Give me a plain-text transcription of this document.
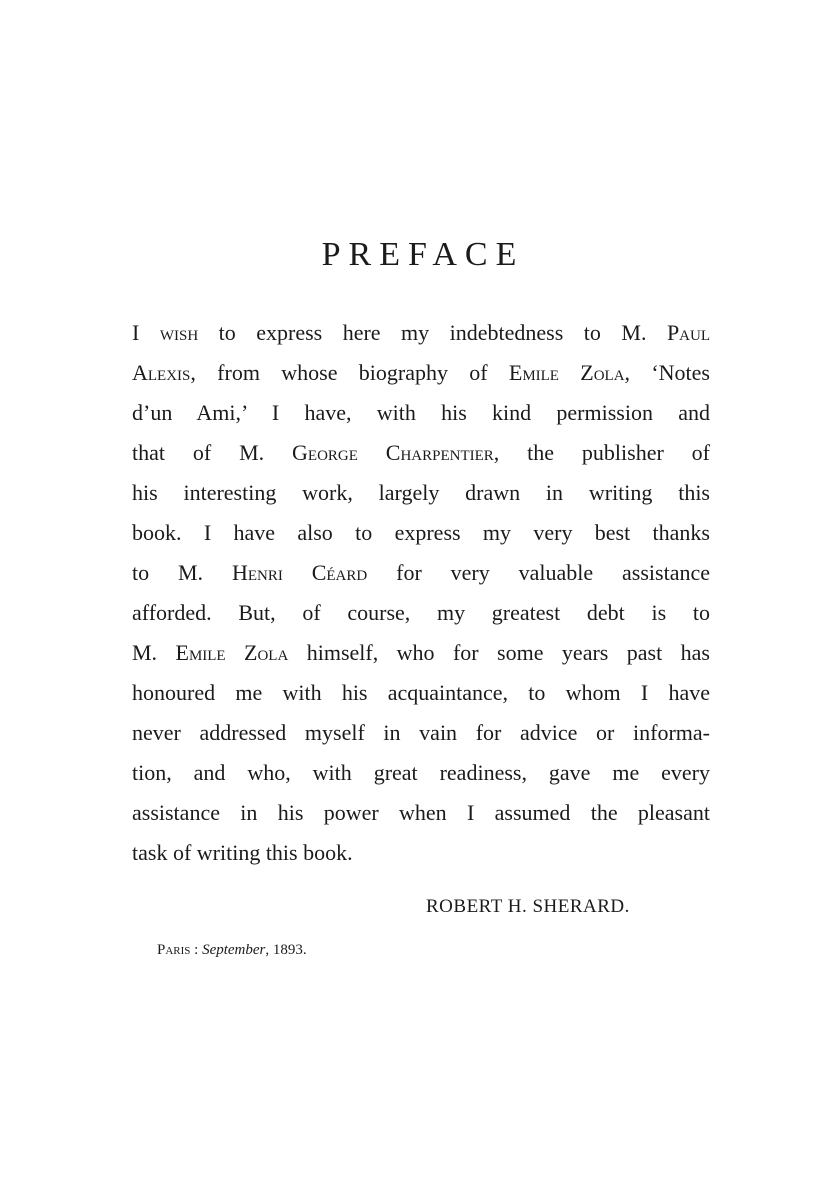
PREFACE
I wish to express here my indebtedness to M. Paul
Alexis, from whose biography of Emile Zola, ‘Notes
d’un Ami,’ I have, with his kind permission and
that of M. George Charpentier, the publisher of
his interesting work, largely drawn in writing this
book. I have also to express my very best thanks
to M. Henri Céard for very valuable assistance
afforded. But, of course, my greatest debt is to
M. Emile Zola himself, who for some years past has
honoured me with his acquaintance, to whom I have
never addressed myself in vain for advice or informa-
tion, and who, with great readiness, gave me every
assistance in his power when I assumed the pleasant
task of writing this book.

ROBERT H. SHERARD.

Paris : September, 1893.
